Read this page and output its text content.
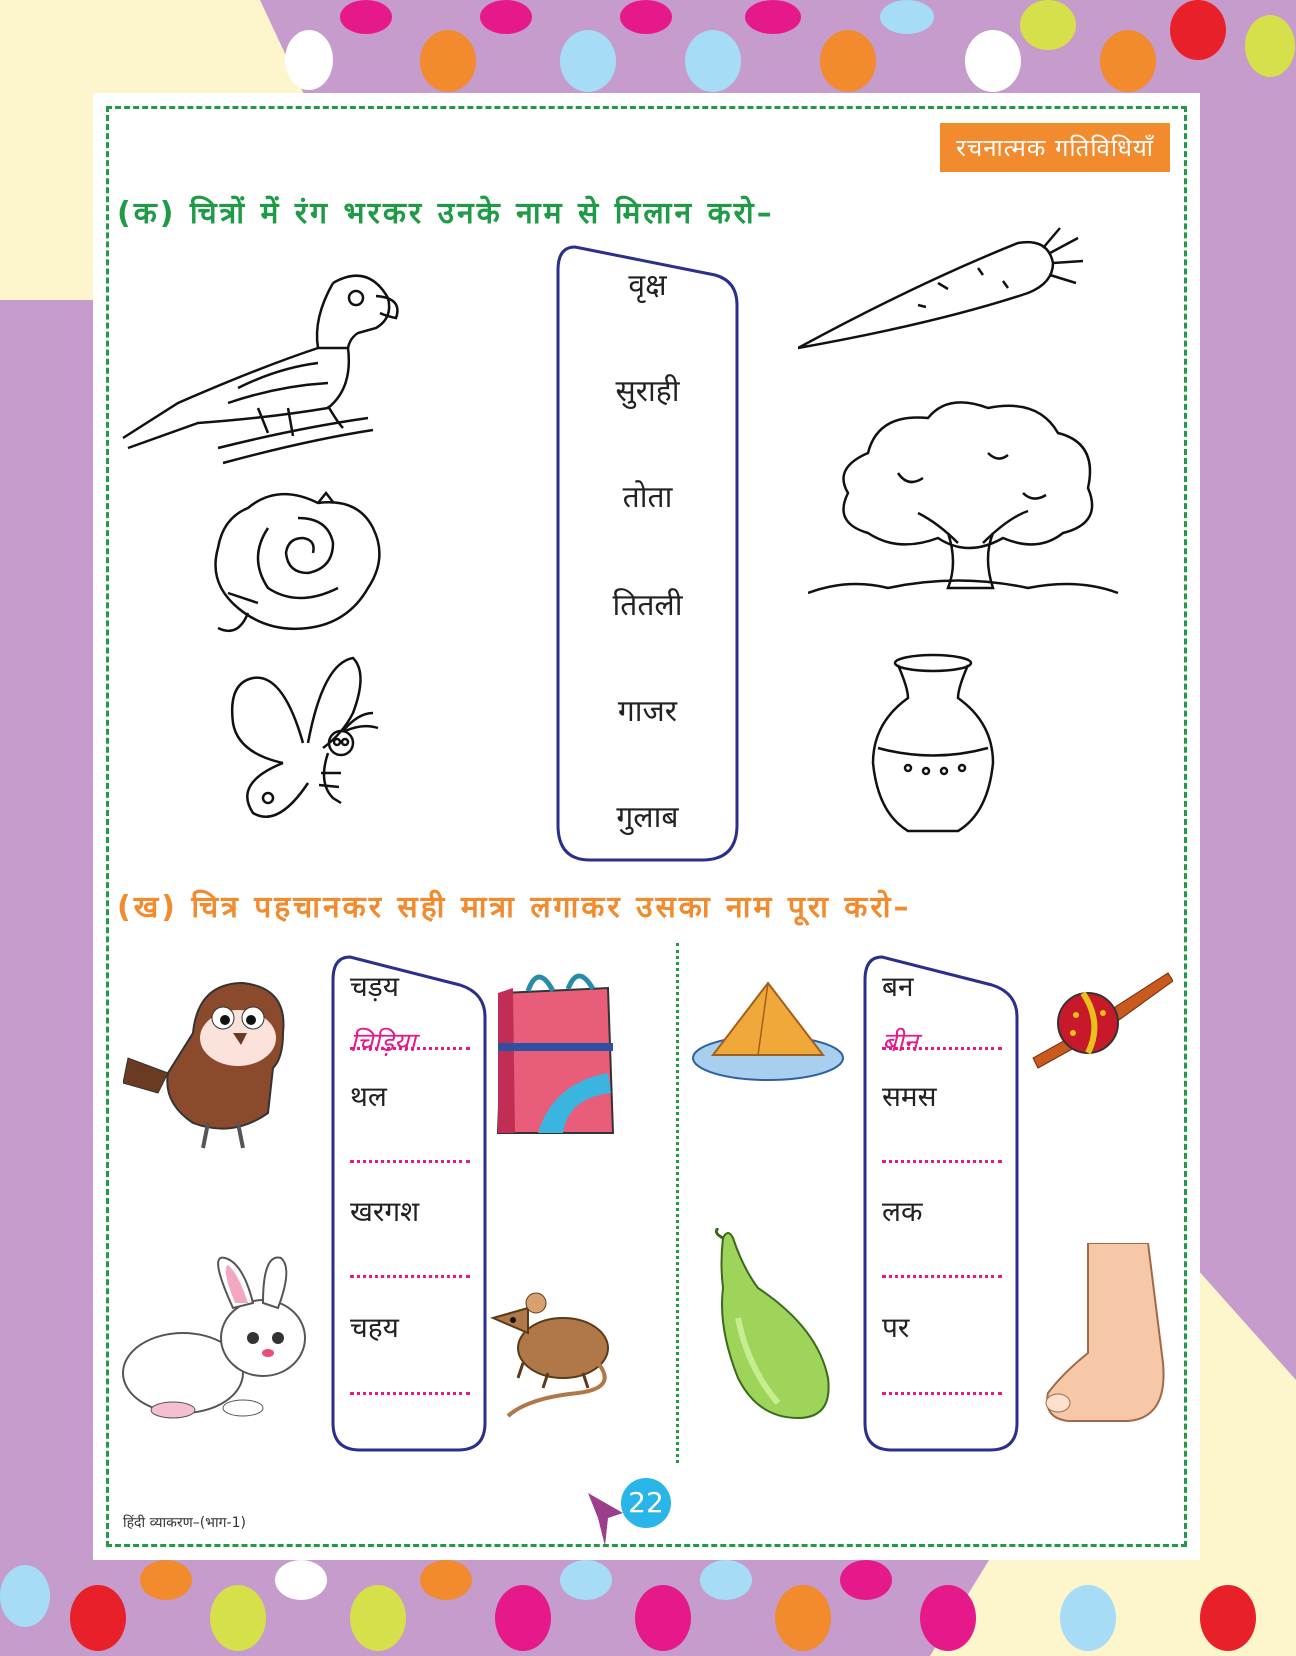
रचनात्मक गतिविधियाँ
(क) चित्रों में रंग भरकर उनके नाम से मिलान करो–
वृक्ष
सुराही
तोता
तितली
गाजर
गुलाब
(ख) चित्र पहचानकर सही मात्रा लगाकर उसका नाम पूरा करो–
चड़य
चिड़िया
थल
खरगश
चहय
बन
बीन
समस
लक
पर
22
हिंदी व्याकरण–(भाग-1)
